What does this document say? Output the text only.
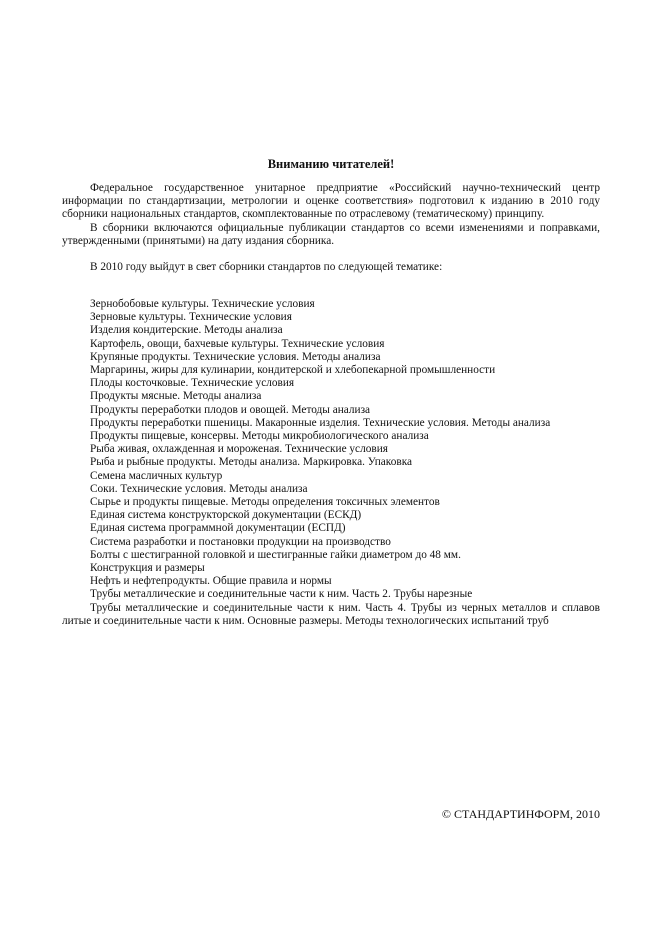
Вниманию читателей!

Федеральное государственное унитарное предприятие «Российский научно-технический центр информации по стандартизации, метрологии и оценке соответствия» подготовил к изданию в 2010 году сборники национальных стандартов, скомплектованные по отраслевому (тематическому) принципу.

В сборники включаются официальные публикации стандартов со всеми изменениями и поправками, утвержденными (принятыми) на дату издания сборника.

В 2010 году выйдут в свет сборники стандартов по следующей тематике:

Зернобобовые культуры. Технические условия

Зерновые культуры. Технические условия

Изделия кондитерские. Методы анализа

Картофель, овощи, бахчевые культуры. Технические условия

Крупяные продукты. Технические условия. Методы анализа

Маргарины, жиры для кулинарии, кондитерской и хлебопекарной промышленности

Плоды косточковые. Технические условия

Продукты мясные. Методы анализа

Продукты переработки плодов и овощей. Методы анализа

Продукты переработки пшеницы. Макаронные изделия. Технические условия. Методы анализа

Продукты пищевые, консервы. Методы микробиологического анализа

Рыба живая, охлажденная и мороженая. Технические условия

Рыба и рыбные продукты. Методы анализа. Маркировка. Упаковка

Семена масличных культур

Соки. Технические условия. Методы анализа

Сырье и продукты пищевые. Методы определения токсичных элементов

Единая система конструкторской документации (ЕСКД)

Единая система программной документации (ЕСПД)

Система разработки и постановки продукции на производство

Болты с шестигранной головкой и шестигранные гайки диаметром до 48 мм.

Конструкция и размеры

Нефть и нефтепродукты. Общие правила и нормы

Трубы металлические и соединительные части к ним. Часть 2. Трубы нарезные

Трубы металлические и соединительные части к ним. Часть 4. Трубы из черных металлов и сплавов литые и соединительные части к ним. Основные размеры. Методы технологических испытаний труб

© СТАНДАРТИНФОРМ, 2010
